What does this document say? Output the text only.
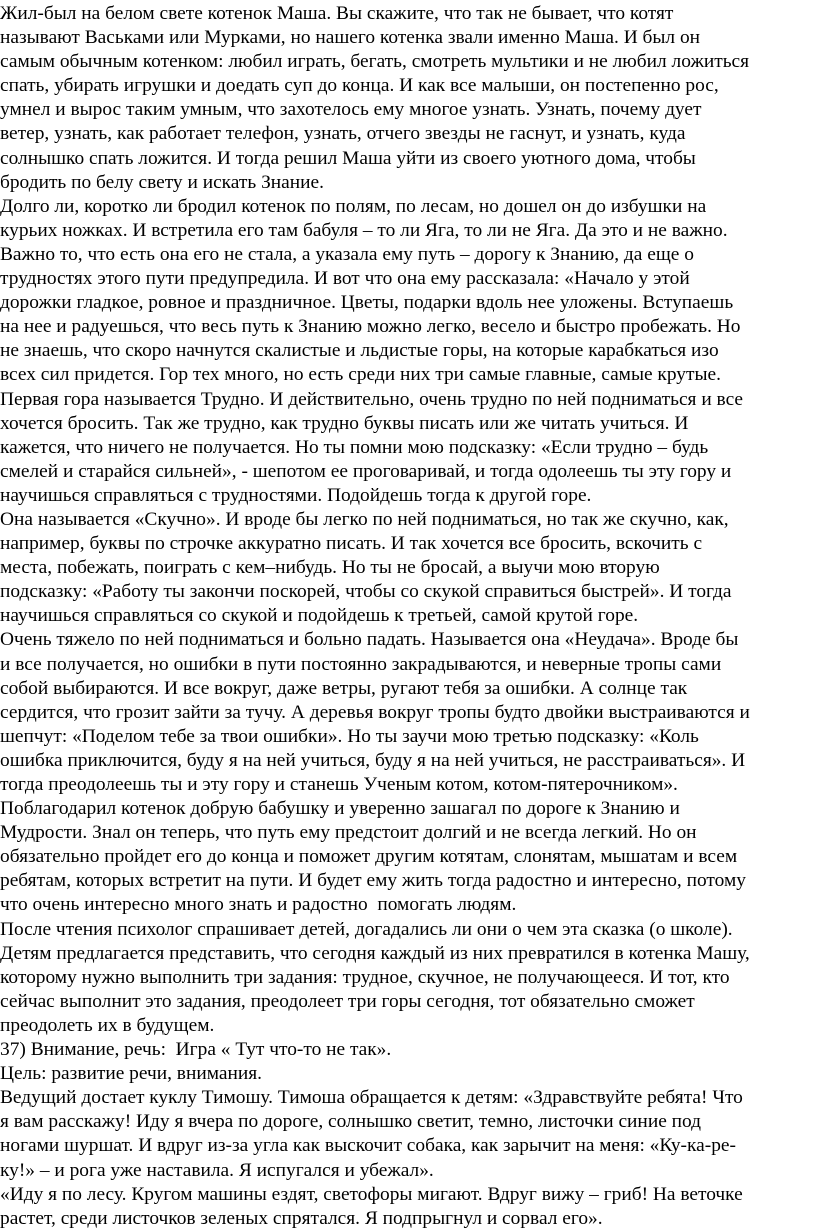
Жил-был на белом свете котенок Маша. Вы скажите, что так не бывает, что котят

называют Васьками или Мурками, но нашего котенка звали именно Маша. И был он

самым обычным котенком: любил играть, бегать, смотреть мультики и не любил ложиться

спать, убирать игрушки и доедать суп до конца. И как все малыши, он постепенно рос,

умнел и вырос таким умным, что захотелось ему многое узнать. Узнать, почему дует

ветер, узнать, как работает телефон, узнать, отчего звезды не гаснут, и узнать, куда

солнышко спать ложится. И тогда решил Маша уйти из своего уютного дома, чтобы

бродить по белу свету и искать Знание.

Долго ли, коротко ли бродил котенок по полям, по лесам, но дошел он до избушки на

курьих ножках. И встретила его там бабуля – то ли Яга, то ли не Яга. Да это и не важно.

Важно то, что есть она его не стала, а указала ему путь – дорогу к Знанию, да еще о

трудностях этого пути предупредила. И вот что она ему рассказала: «Начало у этой

дорожки гладкое, ровное и праздничное. Цветы, подарки вдоль нее уложены. Вступаешь

на нее и радуешься, что весь путь к Знанию можно легко, весело и быстро пробежать. Но

не знаешь, что скоро начнутся скалистые и льдистые горы, на которые карабкаться изо

всех сил придется. Гор тех много, но есть среди них три самые главные, самые крутые.

Первая гора называется Трудно. И действительно, очень трудно по ней подниматься и все

хочется бросить. Так же трудно, как трудно буквы писать или же читать учиться. И

кажется, что ничего не получается. Но ты помни мою подсказку: «Если трудно – будь

смелей и старайся сильней», - шепотом ее проговаривай, и тогда одолеешь ты эту гору и

научишься справляться с трудностями. Подойдешь тогда к другой горе.

Она называется «Скучно». И вроде бы легко по ней подниматься, но так же скучно, как,

например, буквы по строчке аккуратно писать. И так хочется все бросить, вскочить с

места, побежать, поиграть с кем–нибудь. Но ты не бросай, а выучи мою вторую

подсказку: «Работу ты закончи поскорей, чтобы со скукой справиться быстрей». И тогда

научишься справляться со скукой и подойдешь к третьей, самой крутой горе.

Очень тяжело по ней подниматься и больно падать. Называется она «Неудача». Вроде бы

и все получается, но ошибки в пути постоянно закрадываются, и неверные тропы сами

собой выбираются. И все вокруг, даже ветры, ругают тебя за ошибки. А солнце так

сердится, что грозит зайти за тучу. А деревья вокруг тропы будто двойки выстраиваются и

шепчут: «Поделом тебе за твои ошибки». Но ты заучи мою третью подсказку: «Коль

ошибка приключится, буду я на ней учиться, буду я на ней учиться, не расстраиваться». И

тогда преодолеешь ты и эту гору и станешь Ученым котом, котом-пятерочником».

Поблагодарил котенок добрую бабушку и уверенно зашагал по дороге к Знанию и

Мудрости. Знал он теперь, что путь ему предстоит долгий и не всегда легкий. Но он

обязательно пройдет его до конца и поможет другим котятам, слонятам, мышатам и всем

ребятам, которых встретит на пути. И будет ему жить тогда радостно и интересно, потому

что очень интересно много знать и радостно  помогать людям.

После чтения психолог спрашивает детей, догадались ли они о чем эта сказка (о школе).

Детям предлагается представить, что сегодня каждый из них превратился в котенка Машу,

которому нужно выполнить три задания: трудное, скучное, не получающееся. И тот, кто

сейчас выполнит это задания, преодолеет три горы сегодня, тот обязательно сможет

преодолеть их в будущем.

37) Внимание, речь:  Игра « Тут что-то не так».

Цель: развитие речи, внимания.

Ведущий достает куклу Тимошу. Тимоша обращается к детям: «Здравствуйте ребята! Что

я вам расскажу! Иду я вчера по дороге, солнышко светит, темно, листочки синие под

ногами шуршат. И вдруг из-за угла как выскочит собака, как зарычит на меня: «Ку-ка-ре-

ку!» – и рога уже наставила. Я испугался и убежал».

«Иду я по лесу. Кругом машины ездят, светофоры мигают. Вдруг вижу – гриб! На веточке

растет, среди листочков зеленых спрятался. Я подпрыгнул и сорвал его».
